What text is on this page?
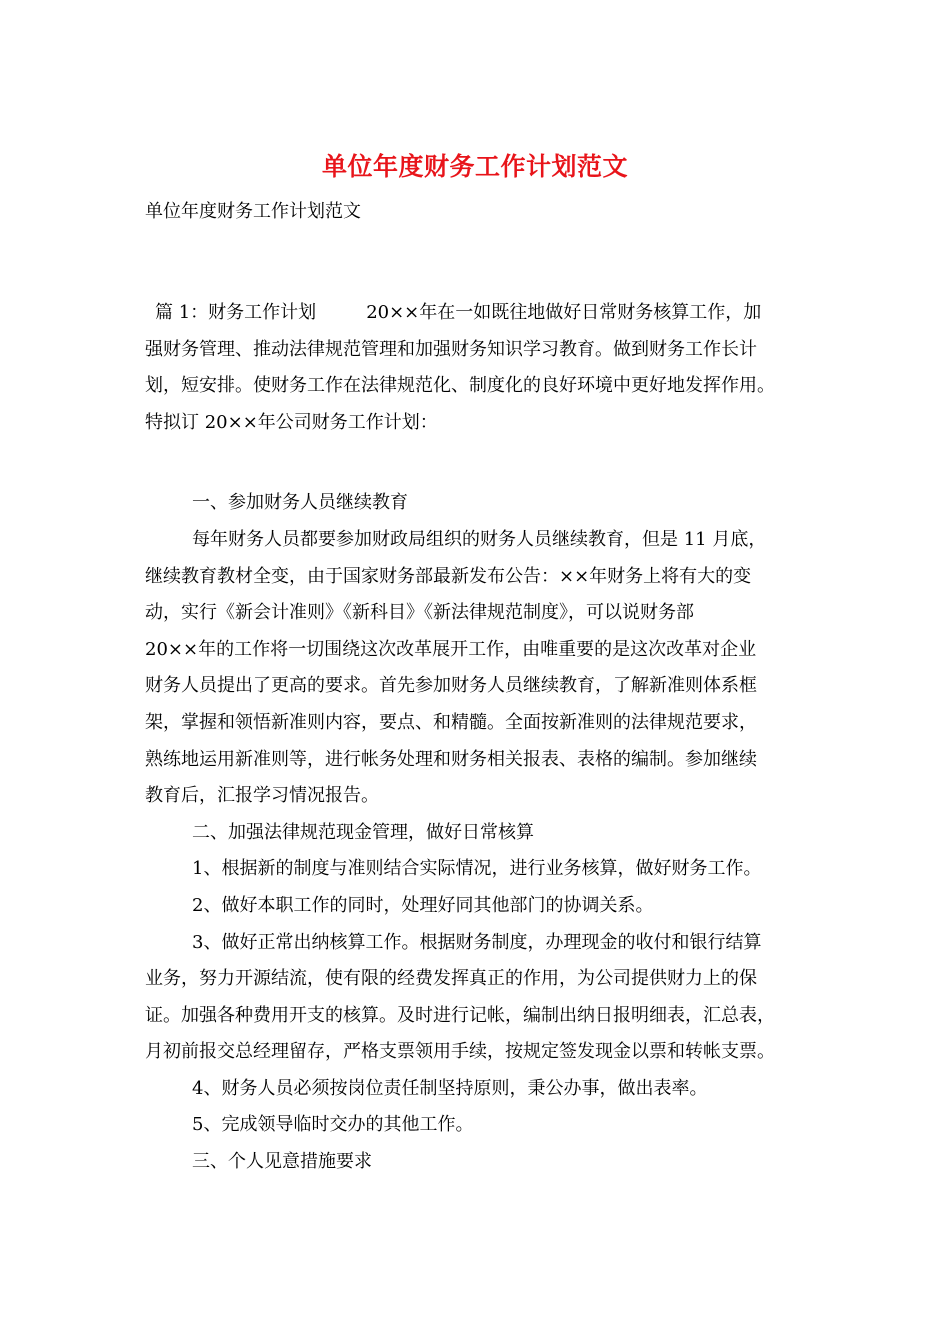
单位年度财务工作计划范文
单位年度财务工作计划范文
篇 1：财务工作计划	20××年在一如既往地做好日常财务核算工作，加
强财务管理、推动法律规范管理和加强财务知识学习教育。做到财务工作长计
划，短安排。使财务工作在法律规范化、制度化的良好环境中更好地发挥作用。
特拟订 20××年公司财务工作计划：
一、参加财务人员继续教育
每年财务人员都要参加财政局组织的财务人员继续教育，但是 11 月底，
继续教育教材全变，由于国家财务部最新发布公告：××年财务上将有大的变
动，实行《新会计准则》《新科目》《新法律规范制度》，可以说财务部
20××年的工作将一切围绕这次改革展开工作，由唯重要的是这次改革对企业
财务人员提出了更高的要求。首先参加财务人员继续教育，了解新准则体系框
架，掌握和领悟新准则内容，要点、和精髓。全面按新准则的法律规范要求，
熟练地运用新准则等，进行帐务处理和财务相关报表、表格的编制。参加继续
教育后，汇报学习情况报告。
二、加强法律规范现金管理，做好日常核算
1、根据新的制度与准则结合实际情况，进行业务核算，做好财务工作。
2、做好本职工作的同时，处理好同其他部门的协调关系。
3、做好正常出纳核算工作。根据财务制度，办理现金的收付和银行结算
业务，努力开源结流，使有限的经费发挥真正的作用，为公司提供财力上的保
证。加强各种费用开支的核算。及时进行记帐，编制出纳日报明细表，汇总表，
月初前报交总经理留存，严格支票领用手续，按规定签发现金以票和转帐支票。
4、财务人员必须按岗位责任制坚持原则，秉公办事，做出表率。
5、完成领导临时交办的其他工作。
三、个人见意措施要求
